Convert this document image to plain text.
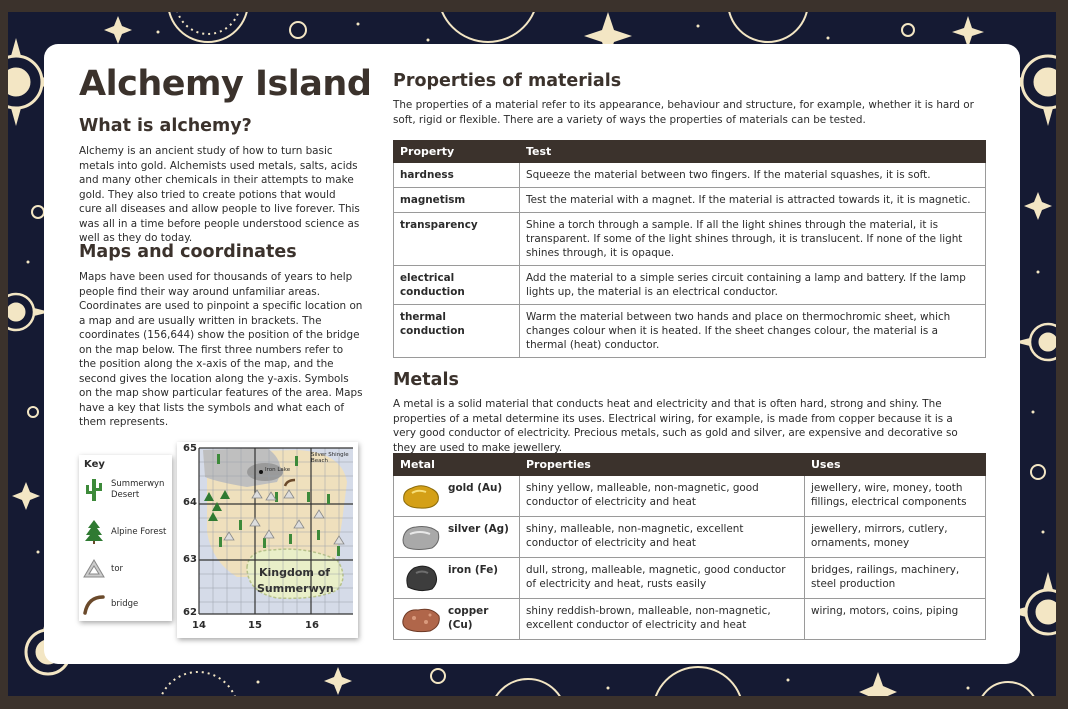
Alchemy Island
What is alchemy?
Alchemy is an ancient study of how to turn basic metals into gold. Alchemists used metals, salts, acids and many other chemicals in their attempts to make gold. They also tried to create potions that would cure all diseases and allow people to live forever. This was all in a time before people understood science as well as they do today.
Maps and coordinates
Maps have been used for thousands of years to help people find their way around unfamiliar areas. Coordinates are used to pinpoint a specific location on a map and are usually written in brackets. The coordinates (156,644) show the position of the bridge on the map below. The first three numbers refer to the position along the x-axis of the map, and the second gives the location along the y-axis. Symbols on the map show particular features of the area. Maps have a key that lists the symbols and what each of them represents.
Key
Summerwyn Desert
Alpine Forest
tor
bridge
Iron Lake
Silver Shingle Beach
Kingdom of
Summerwyn
65
64
63
62
14	15	16
Properties of materials
The properties of a material refer to its appearance, behaviour and structure, for example, whether it is hard or soft, rigid or flexible. There are a variety of ways the properties of materials can be tested.
Property	Test
hardness	Squeeze the material between two fingers. If the material squashes, it is soft.
magnetism	Test the material with a magnet. If the material is attracted towards it, it is magnetic.
transparency	Shine a torch through a sample. If all the light shines through the material, it is transparent. If some of the light shines through, it is translucent. If none of the light shines through, it is opaque.
electrical conduction	Add the material to a simple series circuit containing a lamp and battery. If the lamp lights up, the material is an electrical conductor.
thermal conduction	Warm the material between two hands and place on thermochromic sheet, which changes colour when it is heated. If the sheet changes colour, the material is a thermal (heat) conductor.
Metals
A metal is a solid material that conducts heat and electricity and that is often hard, strong and shiny. The properties of a metal determine its uses. Electrical wiring, for example, is made from copper because it is a very good conductor of electricity. Precious metals, such as gold and silver, are expensive and decorative so they are used to make jewellery.
Metal	Properties	Uses

gold (Au)	shiny yellow, malleable, non-magnetic, good conductor of electricity and heat	jewellery, wire, money, tooth fillings, electrical components

silver (Ag)	shiny, malleable, non-magnetic, excellent conductor of electricity and heat	jewellery, mirrors, cutlery, ornaments, money

iron (Fe)	dull, strong, malleable, magnetic, good conductor of electricity and heat, rusts easily	bridges, railings, machinery, steel production

copper (Cu)	shiny reddish-brown, malleable, non-magnetic, excellent conductor of electricity and heat	wiring, motors, coins, piping
